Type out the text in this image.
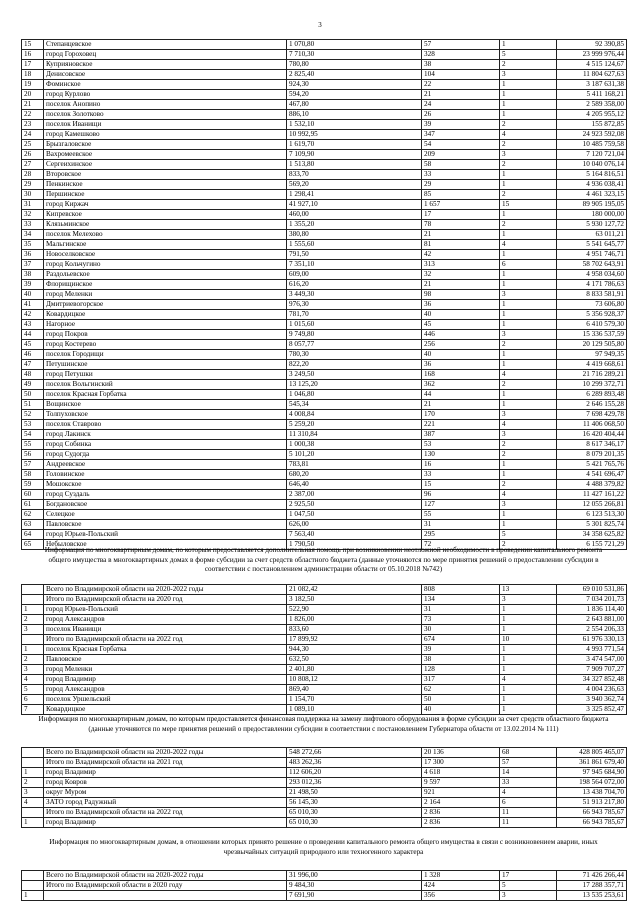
3
15	Степанцевское	1 070,80	57	1	92 390,85
16	город Гороховец	7 710,30	328	5	23 999 976,44
17	Куприяновское	780,80	38	2	4 515 124,67
18	Денисовское	2 825,40	104	3	11 804 627,63
19	Фоминское	924,30	22	1	3 187 631,38
20	город Курлово	594,20	21	1	5 411 168,21
21	поселок Анопино	467,80	24	1	2 589 358,00
22	поселок Золотково	886,10	26	1	4 205 955,12
23	поселок Иванищи	1 532,10	39	2	155 872,85
24	город Камешково	10 992,95	347	4	24 923 592,08
25	Брызгаловское	1 619,70	54	2	10 485 759,58
26	Вахромеевское	7 109,90	209	3	7 120 721,04
27	Сергеихинское	1 513,80	58	2	10 040 076,14
28	Второвское	833,70	33	1	5 164 816,51
29	Пенкинское	569,20	29	1	4 936 038,41
30	Першинское	1 298,41	85	2	4 461 323,15
31	город Киржач	41 927,10	1 657	15	89 905 195,05
32	Кипревское	460,00	17	1	180 000,00
33	Клязьминское	1 355,20	78	2	5 930 127,72
34	поселок Мелехово	380,80	21	1	63 011,21
35	Мальгинское	1 555,60	81	4	5 541 645,77
36	Новоселковское	791,50	42	1	4 951 746,71
37	город Кольчугино	7 351,10	313	6	58 702 643,91
38	Раздольевское	609,00	32	1	4 958 034,60
39	Флорищинское	616,20	21	1	4 171 786,63
40	город Меленки	3 449,30	98	3	8 833 581,91
41	Дмитриевогорское	976,30	36	1	73 606,80
42	Ковардицкое	781,70	40	1	5 356 928,37
43	Нагорное	1 015,60	45	1	6 410 579,30
44	город Покров	9 749,80	446	3	15 336 537,59
45	город Костерево	8 057,77	256	2	20 129 505,80
46	поселок Городищи	780,30	40	1	97 949,35
47	Петушинское	822,20	36	1	4 419 668,61
48	город Петушки	3 249,50	168	4	21 716 289,21
49	поселок Вольгинский	13 125,20	362	2	10 299 372,71
50	поселок Красная Горбатка	1 046,80	44	1	6 289 893,48
51	Вощинское	545,34	21	1	2 646 155,28
52	Толпуховское	4 008,84	170	3	7 698 429,78
53	поселок Ставрово	5 259,20	221	4	11 406 068,50
54	город Лакинск	11 310,84	387	3	16 420 404,44
55	город Собинка	1 000,38	53	2	8 617 346,17
56	город Судогда	5 101,20	130	2	8 079 201,35
57	Андреевское	783,81	16	1	5 421 765,76
58	Головинское	680,20	33	1	4 541 696,47
59	Мошокское	646,40	15	2	4 488 379,82
60	город Суздаль	2 387,00	96	4	11 427 161,22
61	Богдановское	2 925,50	127	3	12 055 266,81
62	Селецкое	1 047,50	55	1	6 123 513,30
63	Павловское	626,00	31	1	5 301 825,74
64	город Юрьев-Польский	7 563,40	295	5	34 358 625,82
65	Небыловское	1 790,50	72	2	6 155 721,29
Информация по многоквартирным домам, по которым предоставляется дополнительная помощь при возникновении неотложной необходимости в проведении капитального ремонта общего имущества в многоквартирных домах в форме субсидии за счет средств областного бюджета (данные уточняются по мере принятия решений о предоставлении субсидии в соответствии с постановлением администрации области от 05.10.2018 №742)
	Всего по Владимирской области на 2020-2022 годы	21 082,42	808	13	69 010 531,86
	Итого по Владимирской области на 2020 год	3 182,50	134	3	7 034 201,73
1	город Юрьев-Польский	522,90	31	1	1 836 114,40
2	город Александров	1 826,00	73	1	2 643 881,00
3	поселок Иванищи	833,60	30	1	2 554 206,33
	Итого по Владимирской области на 2022 год	17 899,92	674	10	61 976 330,13
1	поселок Красная Горбатка	944,30	39	1	4 993 771,54
2	Павловское	632,50	38	1	3 474 547,00
3	город Меленки	2 401,80	128	1	7 909 707,27
4	город Владимир	10 808,12	317	4	34 327 852,48
5	город Александров	869,40	62	1	4 004 236,63
6	поселок Уршельский	1 154,70	50	1	3 940 362,74
7	Ковардицкое	1 089,10	40	1	3 325 852,47
Информация по многоквартирным домам, по которым предоставляется финансовая поддержка на замену лифтового оборудования в форме субсидии за счет средств областного бюджета (данные уточняются по мере принятия решений о предоставлении субсидии в соответствии с постановлением Губернатора области от 13.02.2014 № 111)
	Всего по Владимирской области на 2020-2022 годы	548 272,66	20 136	68	428 805 465,07
	Итого по Владимирской области на 2021 год	483 262,36	17 300	57	361 861 679,40
1	город Владимир	112 606,20	4 618	14	97 945 684,90
2	город Ковров	293 012,36	9 597	33	198 564 072,00
3	округ Муром	21 498,50	921	4	13 438 704,70
4	ЗАТО город Радужный	56 145,30	2 164	6	51 913 217,80
	Итого по Владимирской области на 2022 год	65 010,30	2 836	11	66 943 785,67
1	город Владимир	65 010,30	2 836	11	66 943 785,67
Информация по многоквартирным домам, в отношении которых принято решение о проведении капитального ремонта общего имущества в связи с возникновением аварии, иных чрезвычайных ситуаций природного или техногенного характера
	Всего по Владимирской области на 2020-2022 годы	31 996,00	1 328	17	71 426 266,44
	Итого по Владимирской области в 2020 году	9 484,30	424	5	17 288 357,71
1		7 691,90	356	3	13 535 253,61
